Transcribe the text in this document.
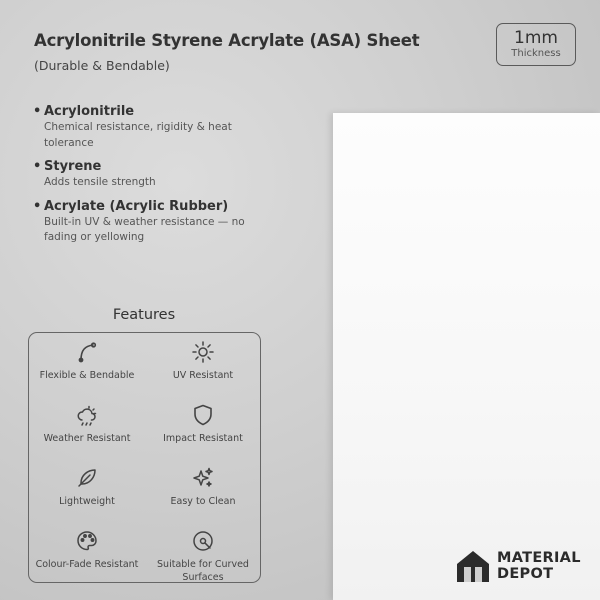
Acrylonitrile Styrene Acrylate (ASA) Sheet
(Durable & Bendable)
1mm
Thickness
• Acrylonitrile
Chemical resistance, rigidity & heat tolerance
• Styrene
Adds tensile strength
• Acrylate (Acrylic Rubber)
Built-in UV & weather resistance — no fading or yellowing
Features
Flexible & Bendable	UV Resistant
Weather Resistant	Impact Resistant
Lightweight	Easy to Clean
Colour-Fade Resistant	Suitable for Curved Surfaces
MATERIAL
DEPOT
